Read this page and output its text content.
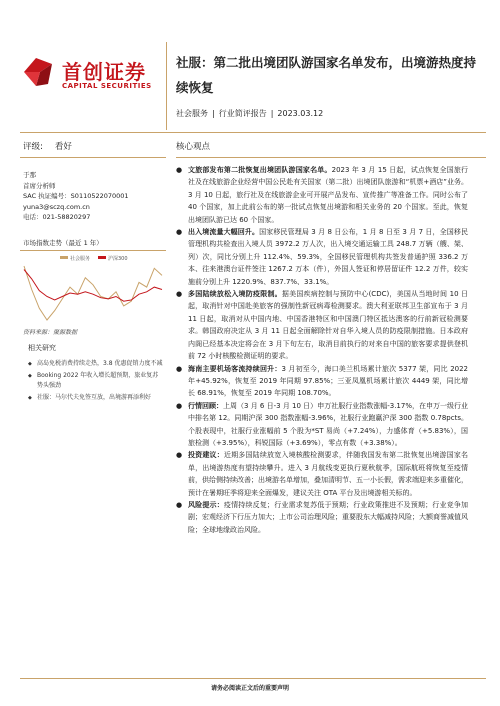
首创证券
CAPITAL SECURITIES
社服：第二批出境团队游国家名单发布，出境游热度持续恢复
社会服务 | 行业简评报告 | 2023.03.12
评级: 看好	核心观点
于那
首席分析师
SAC 执证编号：S0110522070001
yuna3@sczq.com.cn
电话：021-58820297
市场指数走势（最近 1 年）
社会服务	沪深300
资料来源：聚源数据
相关研究
◆ 高岛免税消费持续走热，3.8 优惠促销力度不减
◆ Booking 2022 年收入增长超预期，旅业复苏势头强劲
◆ 社服：马尔代夫免签互放，出境游再添利好
● 文旅部发布第二批恢复出境团队游国家名单。2023 年 3 月 15 日起，试点恢复全国旅行社及在线旅游企业经营中国公民赴有关国家（第二批）出境团队旅游和“机票+酒店”业务。3 月 10 日起，旅行社及在线旅游企业可开展产品发布、宣传推广等准备工作。同时公布了 40 个国家，加上此前公布的第一批试点恢复出境游和相关业务的 20 个国家。至此，恢复出境团队游已达 60 个国家。
● 出入境流量大幅回升。国家移民管理局 3 月 8 日公布，1 月 8 日至 3 月 7 日，全国移民管理机构共检查出入境人员 3972.2 万人次，出入境交通运输工具 248.7 万辆（艘、架、列）次，同比分别上升 112.4%、59.3%，全国移民管理机构共签发普通护照 336.2 万本、往来港澳台证件签注 1267.2 万本（件），外国人签证和停居留证件 12.2 万件，较实施前分别上升 1220.9%、837.7%、33.1%。
● 多国陆续放松入境防疫限制。据美国疾病控制与预防中心(CDC)，美国从当地时间 10 日起，取消针对中国赴美旅客的强制性新冠病毒检测要求。澳大利亚联邦卫生部宣布于 3 月 11 日起，取消对从中国内地、中国香港特区和中国澳门特区抵达澳客的行前新冠检测要求。韩国政府决定从 3 月 11 日起全面解除针对自华入境人员的防疫限制措施。日本政府内阁已经基本决定将会在 3 月下旬左右，取消目前执行的对来自中国的旅客要求提供登机前 72 小时核酸检测证明的要求。
● 海南主要机场客流持续回升：3 月初至今，海口美兰机场累计旅次 5377 架，同比 2022 年+45.92%，恢复至 2019 年同期 97.85%；三亚凤凰机场累计旅次 4449 架，同比增长 68.91%，恢复至 2019 年同期 108.70%。
● 行情回顾：上周（3 月 6 日-3 月 10 日）申万社服行业指数涨幅-3.17%，在申万一级行业中排名第 12。同期沪深 300 指数涨幅-3.96%，社服行业跑赢沪深 300 指数 0.78pcts。个股表现中，社服行业涨幅前 5 个股为*ST 易尚（+7.24%），力盛体育（+5.83%），国旅检测（+3.95%），科锐国际（+3.69%），零点有数（+3.38%）。
● 投资建议：近期多国陆续放宽入境核酸检测要求，伴随我国发布第二批恢复出境游国家名单，出境游热度有望持续攀升。进入 3 月航线变更执行夏秋航季，国际航班将恢复至疫情前，供给侧持续改善；出境游名单增加，叠加清明节、五一小长假，需求端迎来多重催化，预计在暑期旺季将迎来全面爆发，建议关注 OTA 平台及出境游相关标的。
● 风险提示：疫情持续反复；行业需求复苏低于预期；行业政策推进不及预期；行业竞争加剧；宏观经济下行压力加大；上市公司治理风险；重要股东大幅减持风险；大额商誉减值风险；全球地缘政治风险。
请务必阅读正文后的重要声明
